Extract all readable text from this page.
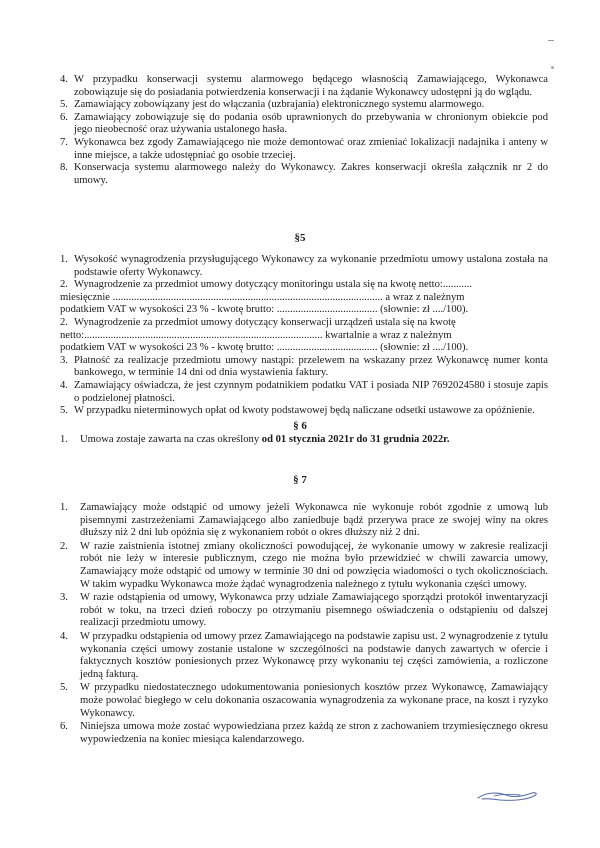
4. W przypadku konserwacji systemu alarmowego będącego własnością Zamawiającego, Wykonawca zobowiązuje się do posiadania potwierdzenia konserwacji i na żądanie Wykonawcy udostępni ją do wglądu.
5. Zamawiający zobowiązany jest do włączania (uzbrajania) elektronicznego systemu alarmowego.
6. Zamawiający zobowiązuje się do podania osób uprawnionych do przebywania w chronionym obiekcie pod jego nieobecność oraz używania ustalonego hasła.
7. Wykonawca bez zgody Zamawiającego nie może demontować oraz zmieniać lokalizacji nadajnika i anteny w inne miejsce, a także udostępniać go osobie trzeciej.
8. Konserwacja systemu alarmowego należy do Wykonawcy. Zakres konserwacji określa załącznik nr 2 do umowy.
§5
1. Wysokość wynagrodzenia przysługującego Wykonawcy za wykonanie przedmiotu umowy ustalona została na podstawie oferty Wykonawcy.
2. Wynagrodzenie za przedmiot umowy dotyczący monitoringu ustala się na kwotę netto:...........
miesięcznie ...................................................................................................... a wraz z należnym
podatkiem VAT w wysokości 23 % - kwotę brutto: ...................................... (słownie: zł ..../100).
2. Wynagrodzenie za przedmiot umowy dotyczący konserwacji urządzeń ustala się na kwotę
netto:.......................................................................................... kwartalnie a wraz z należnym
podatkiem VAT w wysokości 23 % - kwotę brutto: ...................................... (słownie: zł ..../100).
3. Płatność za realizacje przedmiotu umowy nastąpi: przelewem na wskazany przez Wykonawcę numer konta bankowego, w terminie 14 dni od dnia wystawienia faktury.
4. Zamawiający oświadcza, że jest czynnym podatnikiem podatku VAT i posiada NIP 7692024580 i stosuje zapis o podzielonej płatności.
5. W przypadku nieterminowych opłat od kwoty podstawowej będą naliczane odsetki ustawowe za opóźnienie.
§ 6
1.	Umowa zostaje zawarta na czas określony od 01 stycznia 2021r do 31 grudnia 2022r.
§ 7
1.	Zamawiający może odstąpić od umowy jeżeli Wykonawca nie wykonuje robót zgodnie z umową lub pisemnymi zastrzeżeniami Zamawiającego albo zaniedbuje bądź przerywa prace ze swojej winy na okres dłuższy niż 2 dni lub opóźnia się z wykonaniem robót o okres dłuższy niż 2 dni.
2.	W razie zaistnienia istotnej zmiany okoliczności powodującej, że wykonanie umowy w zakresie realizacji robót nie leży w interesie publicznym, czego nie można było przewidzieć w chwili zawarcia umowy, Zamawiający może odstąpić od umowy w terminie 30 dni od powzięcia wiadomości o tych okolicznościach. W takim wypadku Wykonawca może żądać wynagrodzenia należnego z tytułu wykonania części umowy.
3.	W razie odstąpienia od umowy, Wykonawca przy udziale Zamawiającego sporządzi protokół inwentaryzacji robót w toku, na trzeci dzień roboczy po otrzymaniu pisemnego oświadczenia o odstąpieniu od dalszej realizacji przedmiotu umowy.
4.	W przypadku odstąpienia od umowy przez Zamawiającego na podstawie zapisu ust. 2 wynagrodzenie z tytułu wykonania części umowy zostanie ustalone w szczególności na podstawie danych zawartych w ofercie i faktycznych kosztów poniesionych przez Wykonawcę przy wykonaniu tej części zamówienia, a rozliczone jedną fakturą.
5.	W przypadku niedostatecznego udokumentowania poniesionych kosztów przez Wykonawcę, Zamawiający może powołać biegłego w celu dokonania oszacowania wynagrodzenia za wykonane prace, na koszt i ryzyko Wykonawcy.
6.	Niniejsza umowa może zostać wypowiedziana przez każdą ze stron z zachowaniem trzymiesięcznego okresu wypowiedzenia na koniec miesiąca kalendarzowego.
